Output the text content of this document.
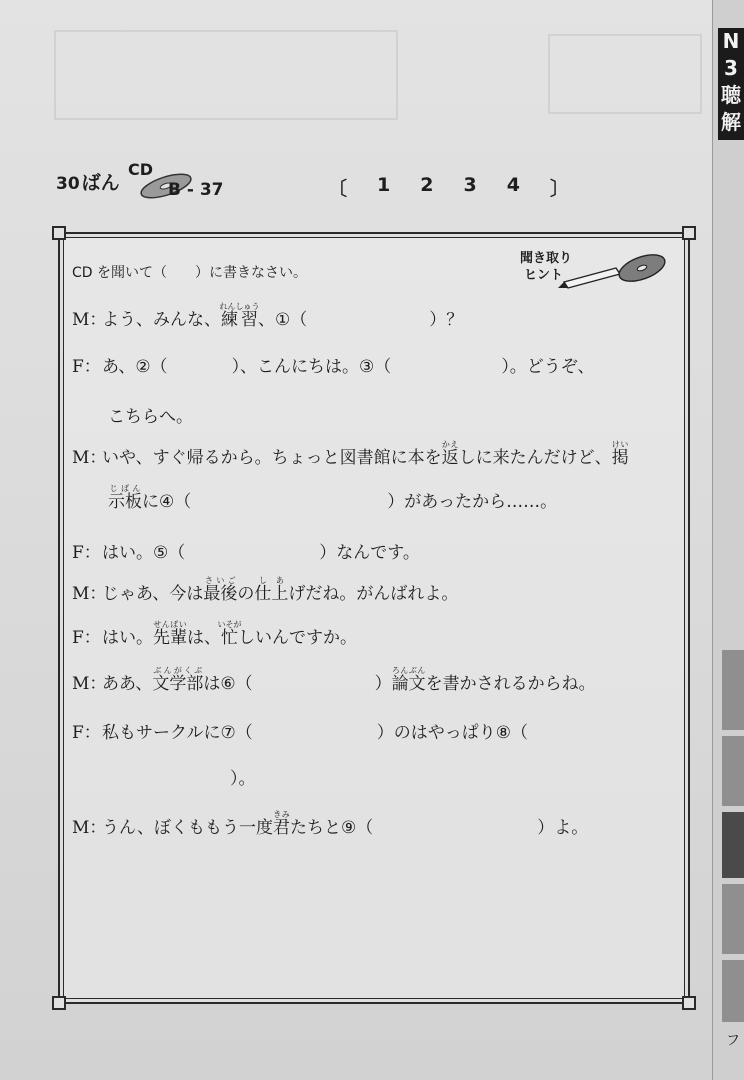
N
3
聴
解
フ
30 ばん
CD
B - 37	〔 1 2 3 4 〕
CD を聞いて（　　）に書きなさい。
聞き取り
ヒント
M：よう、みんな、練習れんしゅう、①（	）？
F：あ、②（	）、こんにちは。③（	）。どうぞ、
こちらへ。
M：いや、すぐ帰るから。ちょっと図書館に本を返かえしに来たんだけど、掲けい
示板じばんに④（	）があったから……。
F：はい。⑤（	）なんです。
M：じゃあ、今は最後さいごの仕上しあげだね。がんばれよ。
F：はい。先輩せんぱいは、忙いそがしいんですか。
M：ああ、文学部ぶんがくぶは⑥（	）論文ろんぶんを書かされるからね。
F：私もサークルに⑦（	）のはやっぱり⑧（
）。
M：うん、ぼくももう一度君きみたちと⑨（	）よ。
